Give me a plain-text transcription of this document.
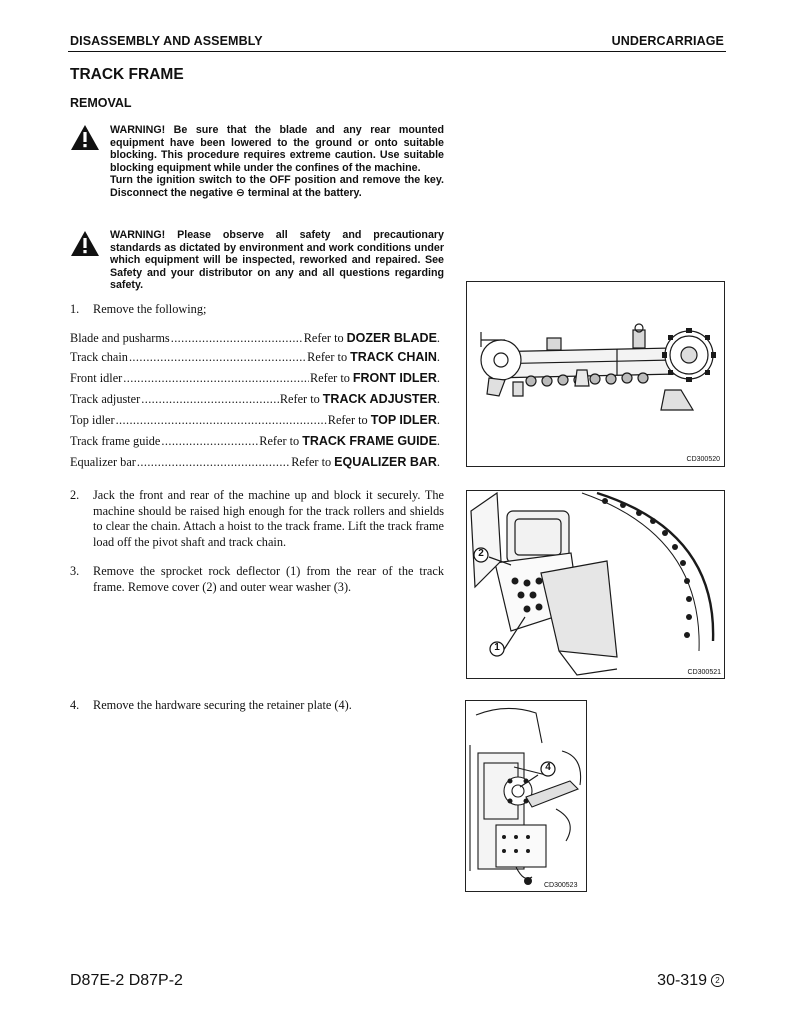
DISASSEMBLY AND ASSEMBLY	UNDERCARRIAGE
TRACK FRAME
REMOVAL

WARNING! Be sure that the blade and any rear mounted equipment have been lowered to the ground or onto suitable blocking. This procedure requires extreme caution. Use suitable blocking equipment while under the confines of the machine.

Turn the ignition switch to the OFF position and remove the key. Disconnect the negative ⊖ terminal at the battery.

WARNING! Please observe all safety and precautionary standards as dictated by environment and work conditions under which equipment will be inspected, reworked and repaired. See Safety and your distributor on any and all questions regarding safety.

1. Remove the following;
Blade and pusharms .....	Refer to DOZER BLADE .
Track chain .....	Refer to TRACK CHAIN .
Front idler .....	Refer to FRONT IDLER .
Track adjuster .....	Refer to TRACK ADJUSTER .
Top idler .....	Refer to TOP IDLER .
Track frame guide .....	Refer to TRACK FRAME GUIDE .
Equalizer bar .....	Refer to EQUALIZER BAR .
2. Jack the front and rear of the machine up and block it securely. The machine should be raised high enough for the track rollers and shields to clear the chain. Attach a hoist to the track frame. Lift the track frame load off the pivot shaft and track chain.
3. Remove the sprocket rock deflector (1) from the rear of the track frame. Remove cover (2) and outer wear washer (3).
4. Remove the hardware securing the retainer plate (4).
CD300520
2
1
CD300521
4
CD300523
D87E-2 D87P-2	30-319 2
